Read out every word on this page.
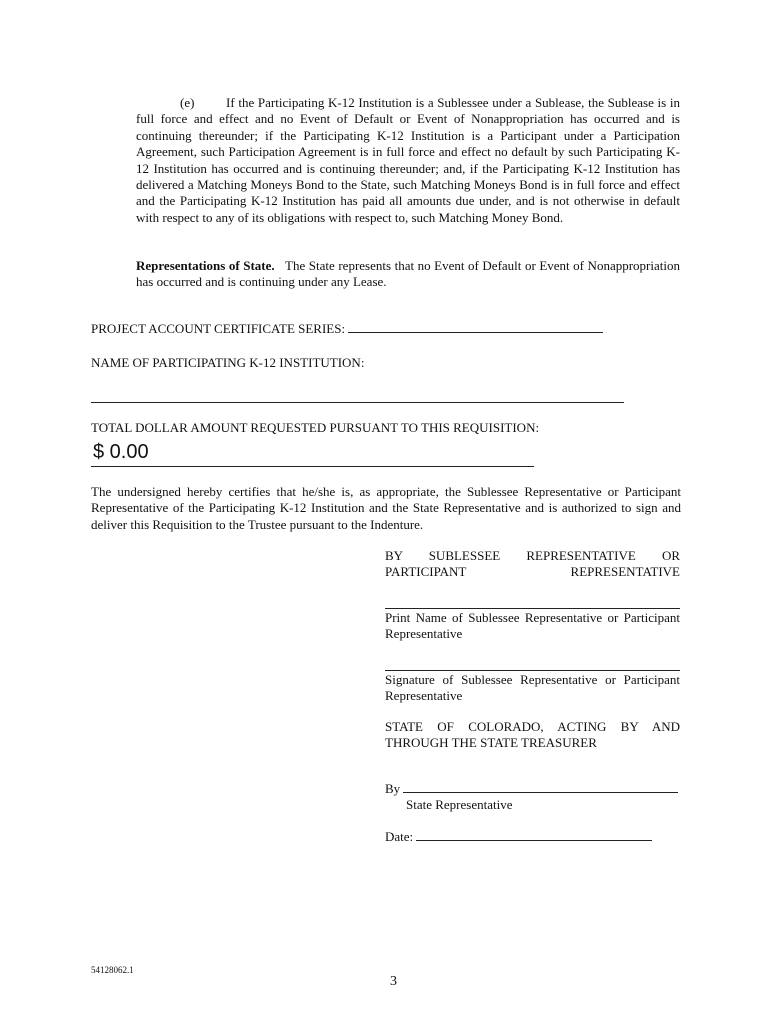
(e) If the Participating K-12 Institution is a Sublessee under a Sublease, the Sublease is in full force and effect and no Event of Default or Event of Nonappropriation has occurred and is continuing thereunder; if the Participating K-12 Institution is a Participant under a Participation Agreement, such Participation Agreement is in full force and effect no default by such Participating K-12 Institution has occurred and is continuing thereunder; and, if the Participating K-12 Institution has delivered a Matching Moneys Bond to the State, such Matching Moneys Bond is in full force and effect and the Participating K-12 Institution has paid all amounts due under, and is not otherwise in default with respect to any of its obligations with respect to, such Matching Money Bond.
Representations of State. The State represents that no Event of Default or Event of Nonappropriation has occurred and is continuing under any Lease.
PROJECT ACCOUNT CERTIFICATE SERIES:
NAME OF PARTICIPATING K-12 INSTITUTION:
TOTAL DOLLAR AMOUNT REQUESTED PURSUANT TO THIS REQUISITION:
$ 0.00
The undersigned hereby certifies that he/she is, as appropriate, the Sublessee Representative or Participant Representative of the Participating K-12 Institution and the State Representative and is authorized to sign and deliver this Requisition to the Trustee pursuant to the Indenture.
BY SUBLESSEE REPRESENTATIVE OR PARTICIPANT REPRESENTATIVE
Print Name of Sublessee Representative or Participant Representative
Signature of Sublessee Representative or Participant Representative
STATE OF COLORADO, ACTING BY AND THROUGH THE STATE TREASURER
By
State Representative
Date:
54128062.1
3
